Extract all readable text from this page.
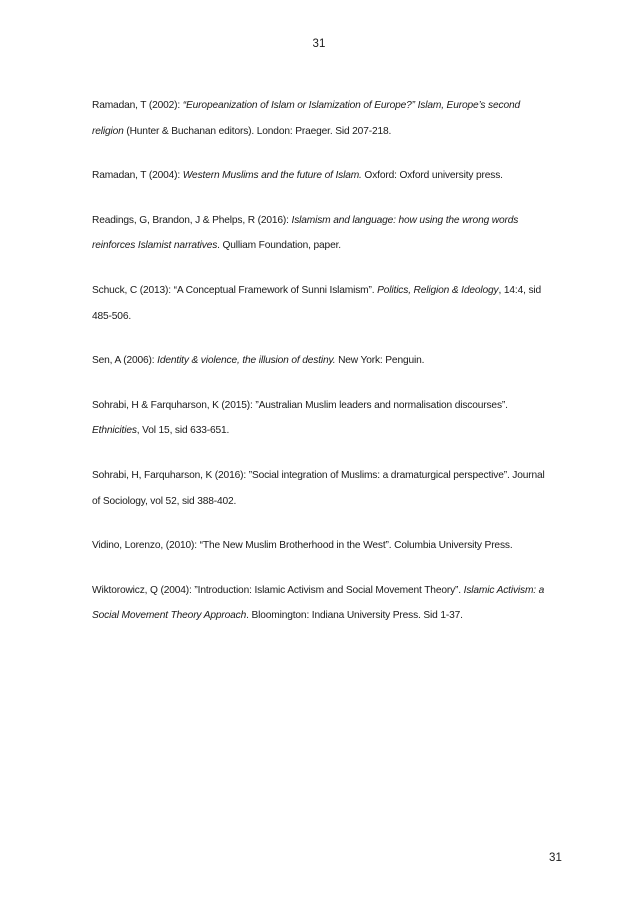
31
Ramadan, T (2002): “Europeanization of Islam or Islamization of Europe?” Islam, Europe’s second religion (Hunter & Buchanan editors). London: Praeger. Sid 207-218.
Ramadan, T (2004): Western Muslims and the future of Islam. Oxford: Oxford university press.
Readings, G, Brandon, J & Phelps, R (2016): Islamism and language: how using the wrong words reinforces Islamist narratives. Qulliam Foundation, paper.
Schuck, C (2013): “A Conceptual Framework of Sunni Islamism”. Politics, Religion & Ideology, 14:4, sid 485-506.
Sen, A (2006): Identity & violence, the illusion of destiny. New York: Penguin.
Sohrabi, H & Farquharson, K (2015): ”Australian Muslim leaders and normalisation discourses”. Ethnicities, Vol 15, sid 633-651.
Sohrabi, H, Farquharson, K (2016): ”Social integration of Muslims: a dramaturgical perspective”. Journal of Sociology, vol 52, sid 388-402.
Vidino, Lorenzo, (2010): “The New Muslim Brotherhood in the West”. Columbia University Press.
Wiktorowicz, Q (2004): ”Introduction: Islamic Activism and Social Movement Theory”. Islamic Activism: a Social Movement Theory Approach. Bloomington: Indiana University Press. Sid 1-37.
31
